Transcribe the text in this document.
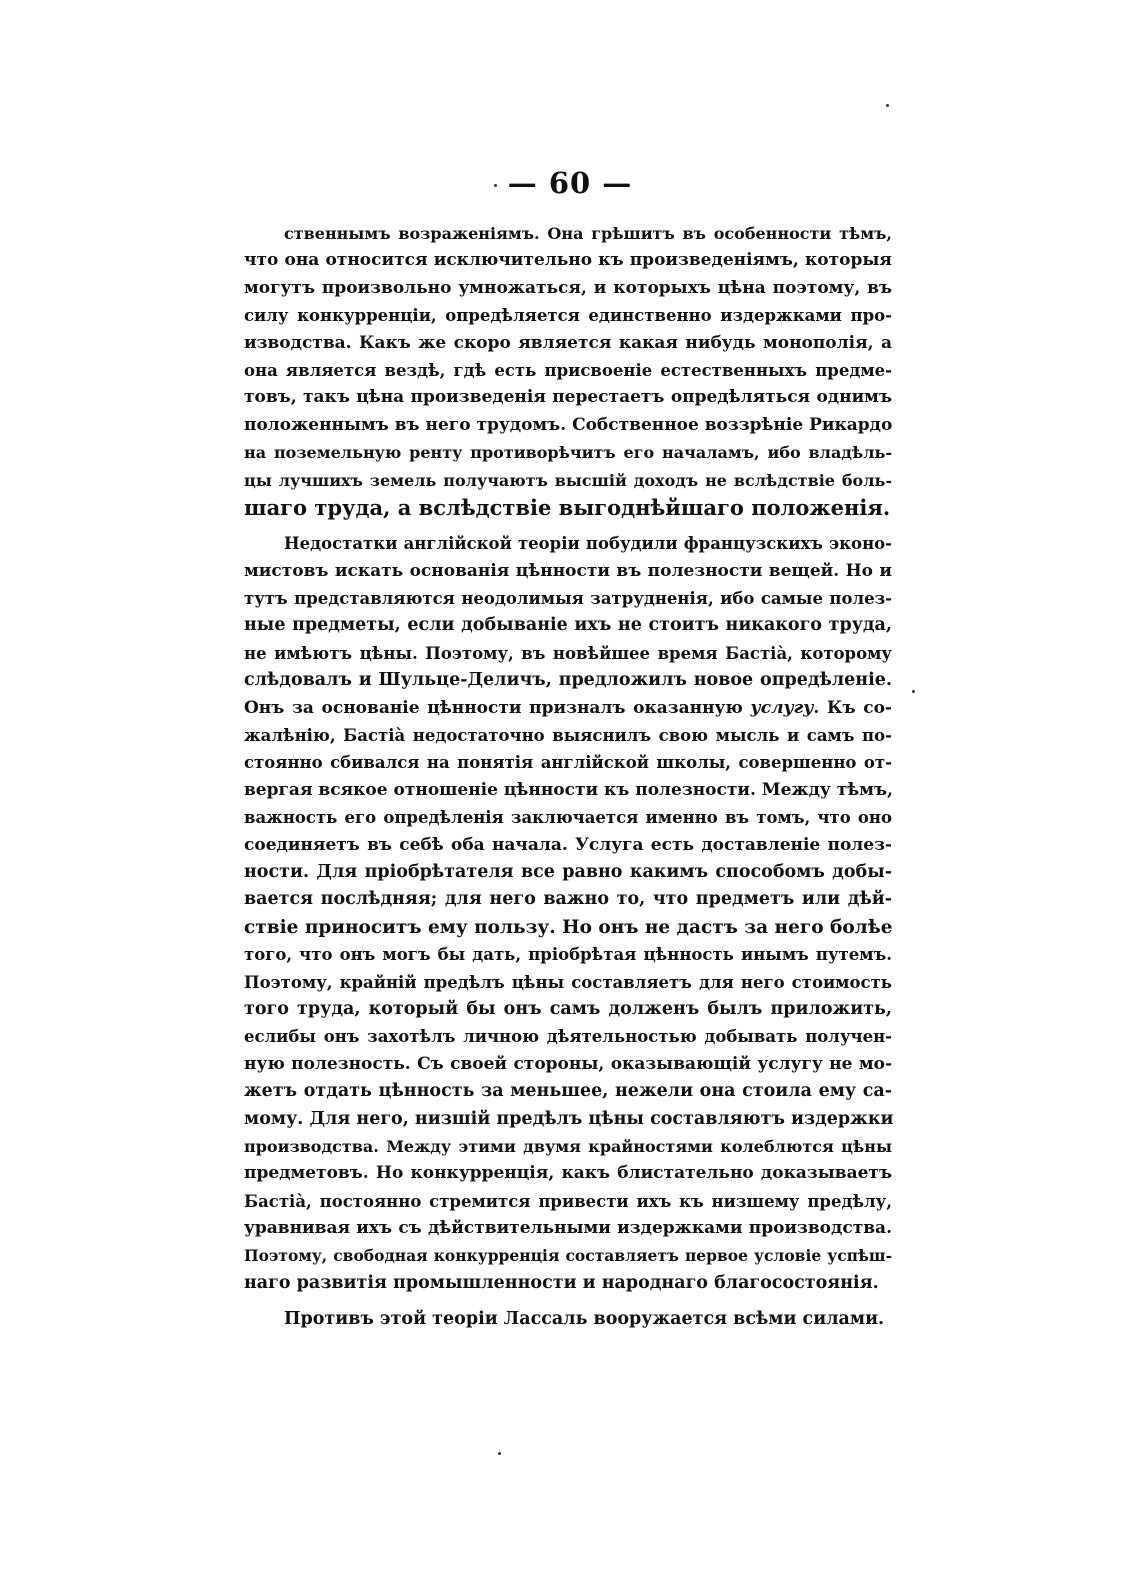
— 60 —
ственнымъ возраженіямъ. Она грѣшитъ въ особенности тѣмъ,
что она относится исключительно къ произведеніямъ, которыя
могутъ произвольно умножаться, и которыхъ цѣна поэтому, въ
силу конкурренціи, опредѣляется единственно издержками про-
изводства. Какъ же скоро является какая нибудь монополія, а
она является вездѣ, гдѣ есть присвоеніе естественныхъ предме-
товъ, такъ цѣна произведенія перестаетъ опредѣляться однимъ
положеннымъ въ него трудомъ. Собственное воззрѣніе Рикардо
на поземельную ренту противорѣчитъ его началамъ, ибо владѣль-
цы лучшихъ земель получаютъ высшій доходъ не вслѣдствіе боль-
шаго труда, а вслѣдствіе выгоднѣйшаго положенія.
Недостатки англійской теоріи побудили французскихъ эконо-
мистовъ искать основанія цѣнности въ полезности вещей. Но и
тутъ представляются неодолимыя затрудненія, ибо самые полез-
ные предметы, если добываніе ихъ не стоитъ никакого труда,
не имѣютъ цѣны. Поэтому, въ новѣйшее время Бастіà, которому
слѣдовалъ и Шульце-Деличъ, предложилъ новое опредѣленіе.
Онъ за основаніе цѣнности призналъ оказанную услугу. Къ со-
жалѣнію, Бастіà недостаточно выяснилъ свою мысль и самъ по-
стоянно сбивался на понятія англійской школы, совершенно от-
вергая всякое отношеніе цѣнности къ полезности. Между тѣмъ,
важность его опредѣленія заключается именно въ томъ, что оно
соединяетъ въ себѣ оба начала. Услуга есть доставленіе полез-
ности. Для пріобрѣтателя все равно какимъ способомъ добы-
вается послѣдняя; для него важно то, что предметъ или дѣй-
ствіе приноситъ ему пользу. Но онъ не дастъ за него болѣе
того, что онъ могъ бы дать, пріобрѣтая цѣнность инымъ путемъ.
Поэтому, крайній предѣлъ цѣны составляетъ для него стоимость
того труда, который бы онъ самъ долженъ былъ приложить,
еслибы онъ захотѣлъ личною дѣятельностью добывать получен-
ную полезность. Съ своей стороны, оказывающій услугу не мо-
жетъ отдать цѣнность за меньшее, нежели она стоила ему са-
мому. Для него, низшій предѣлъ цѣны составляютъ издержки
производства. Между этими двумя крайностями колеблются цѣны
предметовъ. Но конкурренція, какъ блистательно доказываетъ
Бастіà, постоянно стремится привести ихъ къ низшему предѣлу,
уравнивая ихъ съ дѣйствительными издержками производства.
Поэтому, свободная конкурренція составляетъ первое условіе успѣш-
наго развитія промышленности и народнаго благосостоянія.
Противъ этой теоріи Лассаль вооружается всѣми силами.
